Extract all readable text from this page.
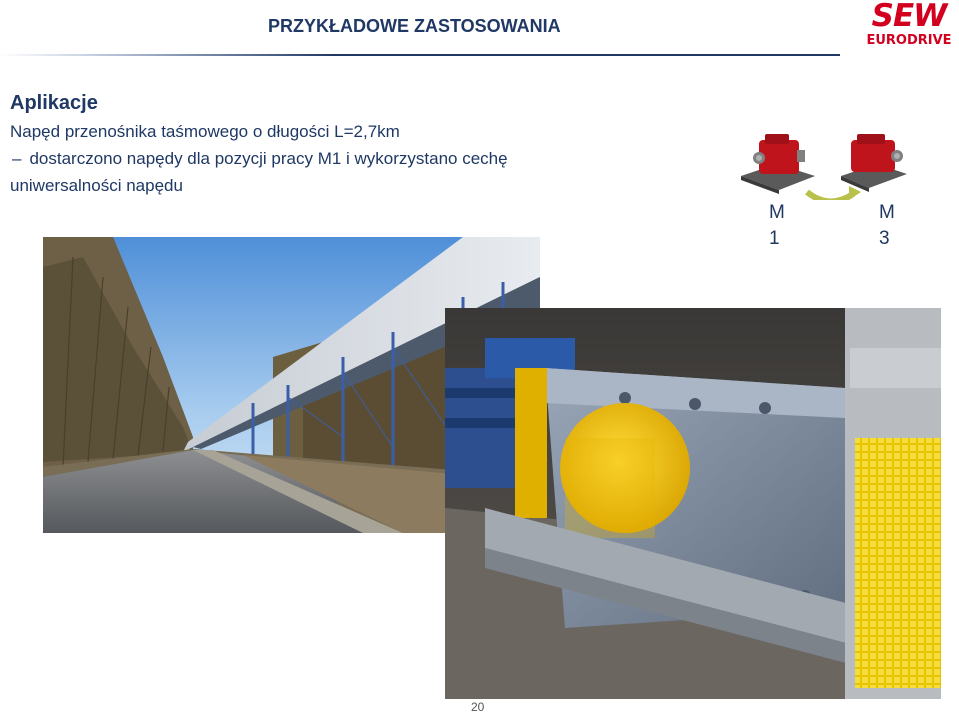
PRZYKŁADOWE ZASTOSOWANIA	SEW
EURODRIVE
Aplikacje
Napęd przenośnika taśmowego o długości L=2,7km
– dostarczono napędy dla pozycji pracy M1 i wykorzystano cechę
uniwersalności napędu
M
1
M
3
20
